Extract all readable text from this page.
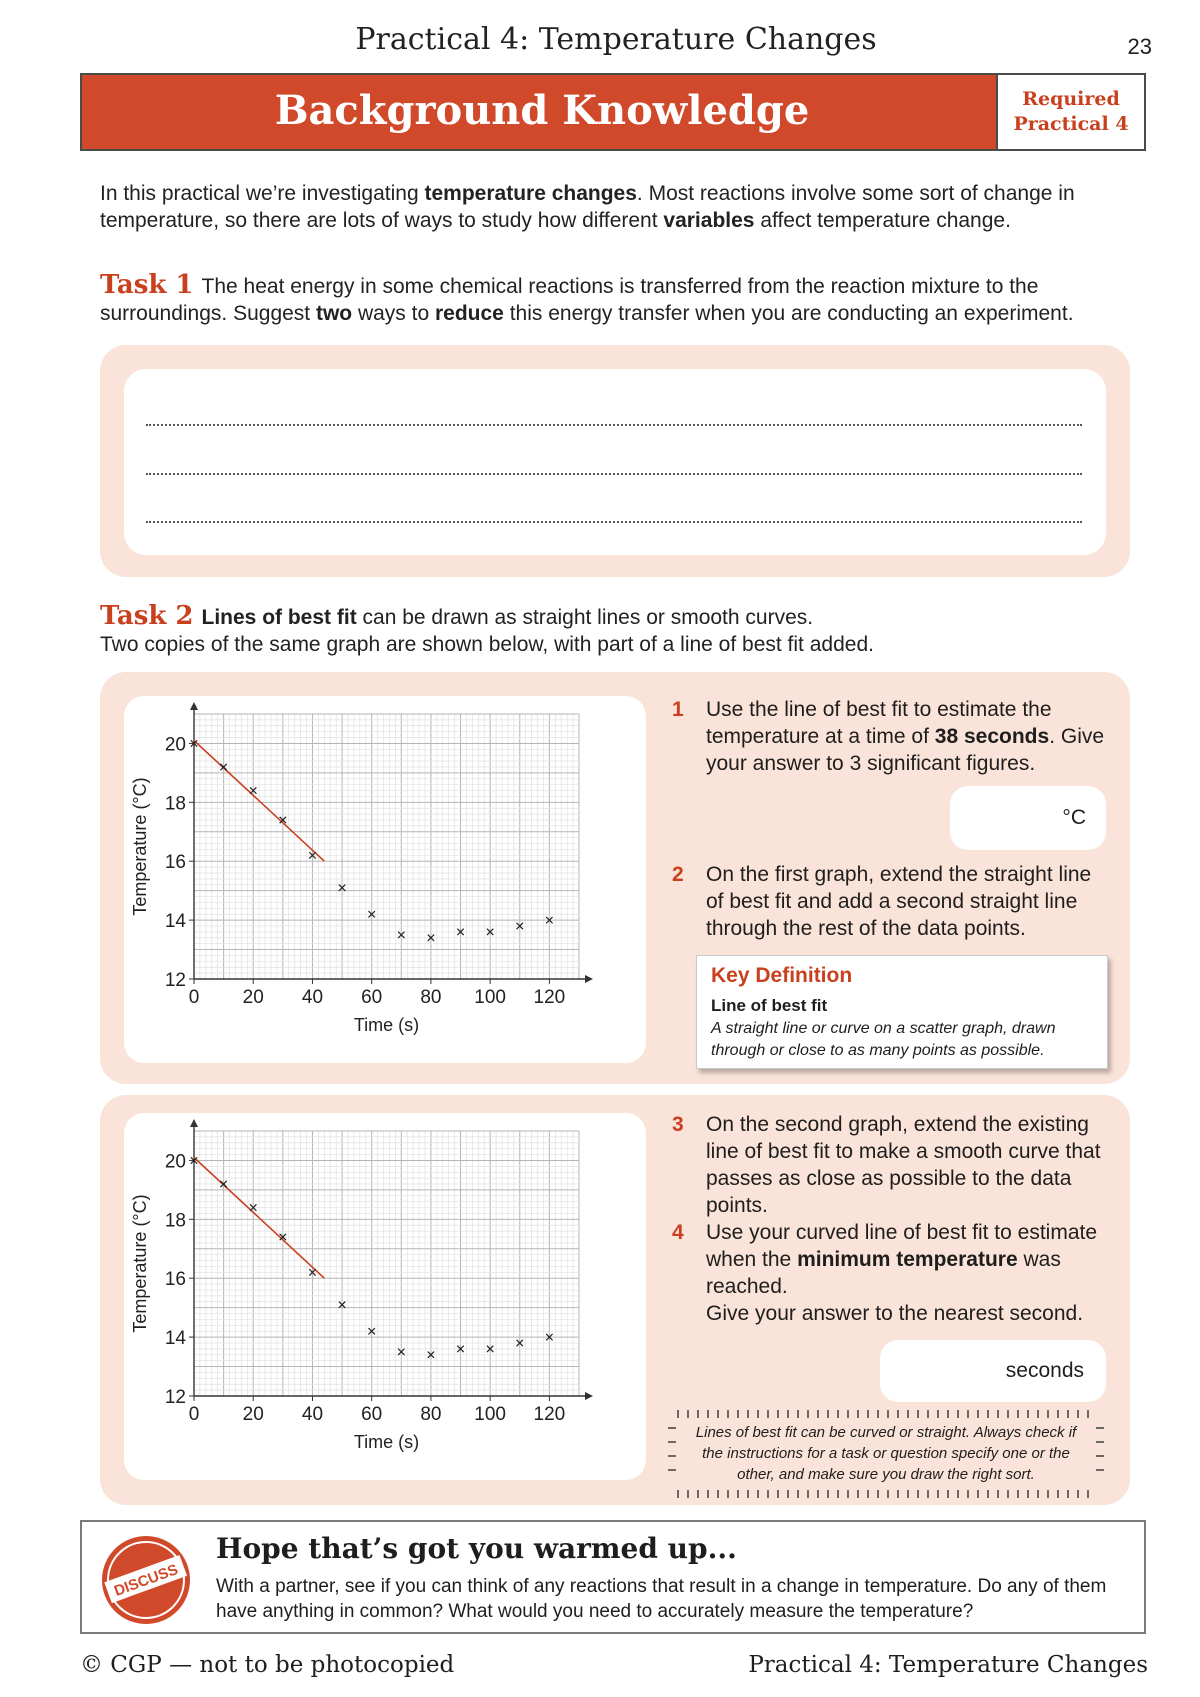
Practical 4: Temperature Changes	23
Background Knowledge	Required
Practical 4
In this practical we’re investigating temperature changes. Most reactions involve some sort of change in temperature, so there are lots of ways to study how different variables affect temperature change.
Task 1 The heat energy in some chemical reactions is transferred from the reaction mixture to the surroundings. Suggest two ways to reduce this energy transfer when you are conducting an experiment.
Task 2 Lines of best fit can be drawn as straight lines or smooth curves.
Two copies of the same graph are shown below, with part of a line of best fit added.
0 20 40 60 80 100 120
12
14
16
18
20
Time (s)
Temperature (°C)
1 Use the line of best fit to estimate the temperature at a time of 38 seconds. Give your answer to 3 significant figures.
°C
2 On the first graph, extend the straight line of best fit and add a second straight line through the rest of the data points.
Key Definition
Line of best fit
A straight line or curve on a scatter graph, drawn through or close to as many points as possible.
0 20 40 60 80 100 120
12
14
16
18
20
Time (s)
Temperature (°C)
3 On the second graph, extend the existing line of best fit to make a smooth curve that passes as close as possible to the data points.
4 Use your curved line of best fit to estimate when the minimum temperature was reached.
Give your answer to the nearest second.
seconds
Lines of best fit can be curved or straight. Always check if the instructions for a task or question specify one or the other, and make sure you draw the right sort.
DISCUSS
Hope that’s got you warmed up...
With a partner, see if you can think of any reactions that result in a change in temperature. Do any of them have anything in common? What would you need to accurately measure the temperature?
© CGP — not to be photocopied	Practical 4: Temperature Changes
